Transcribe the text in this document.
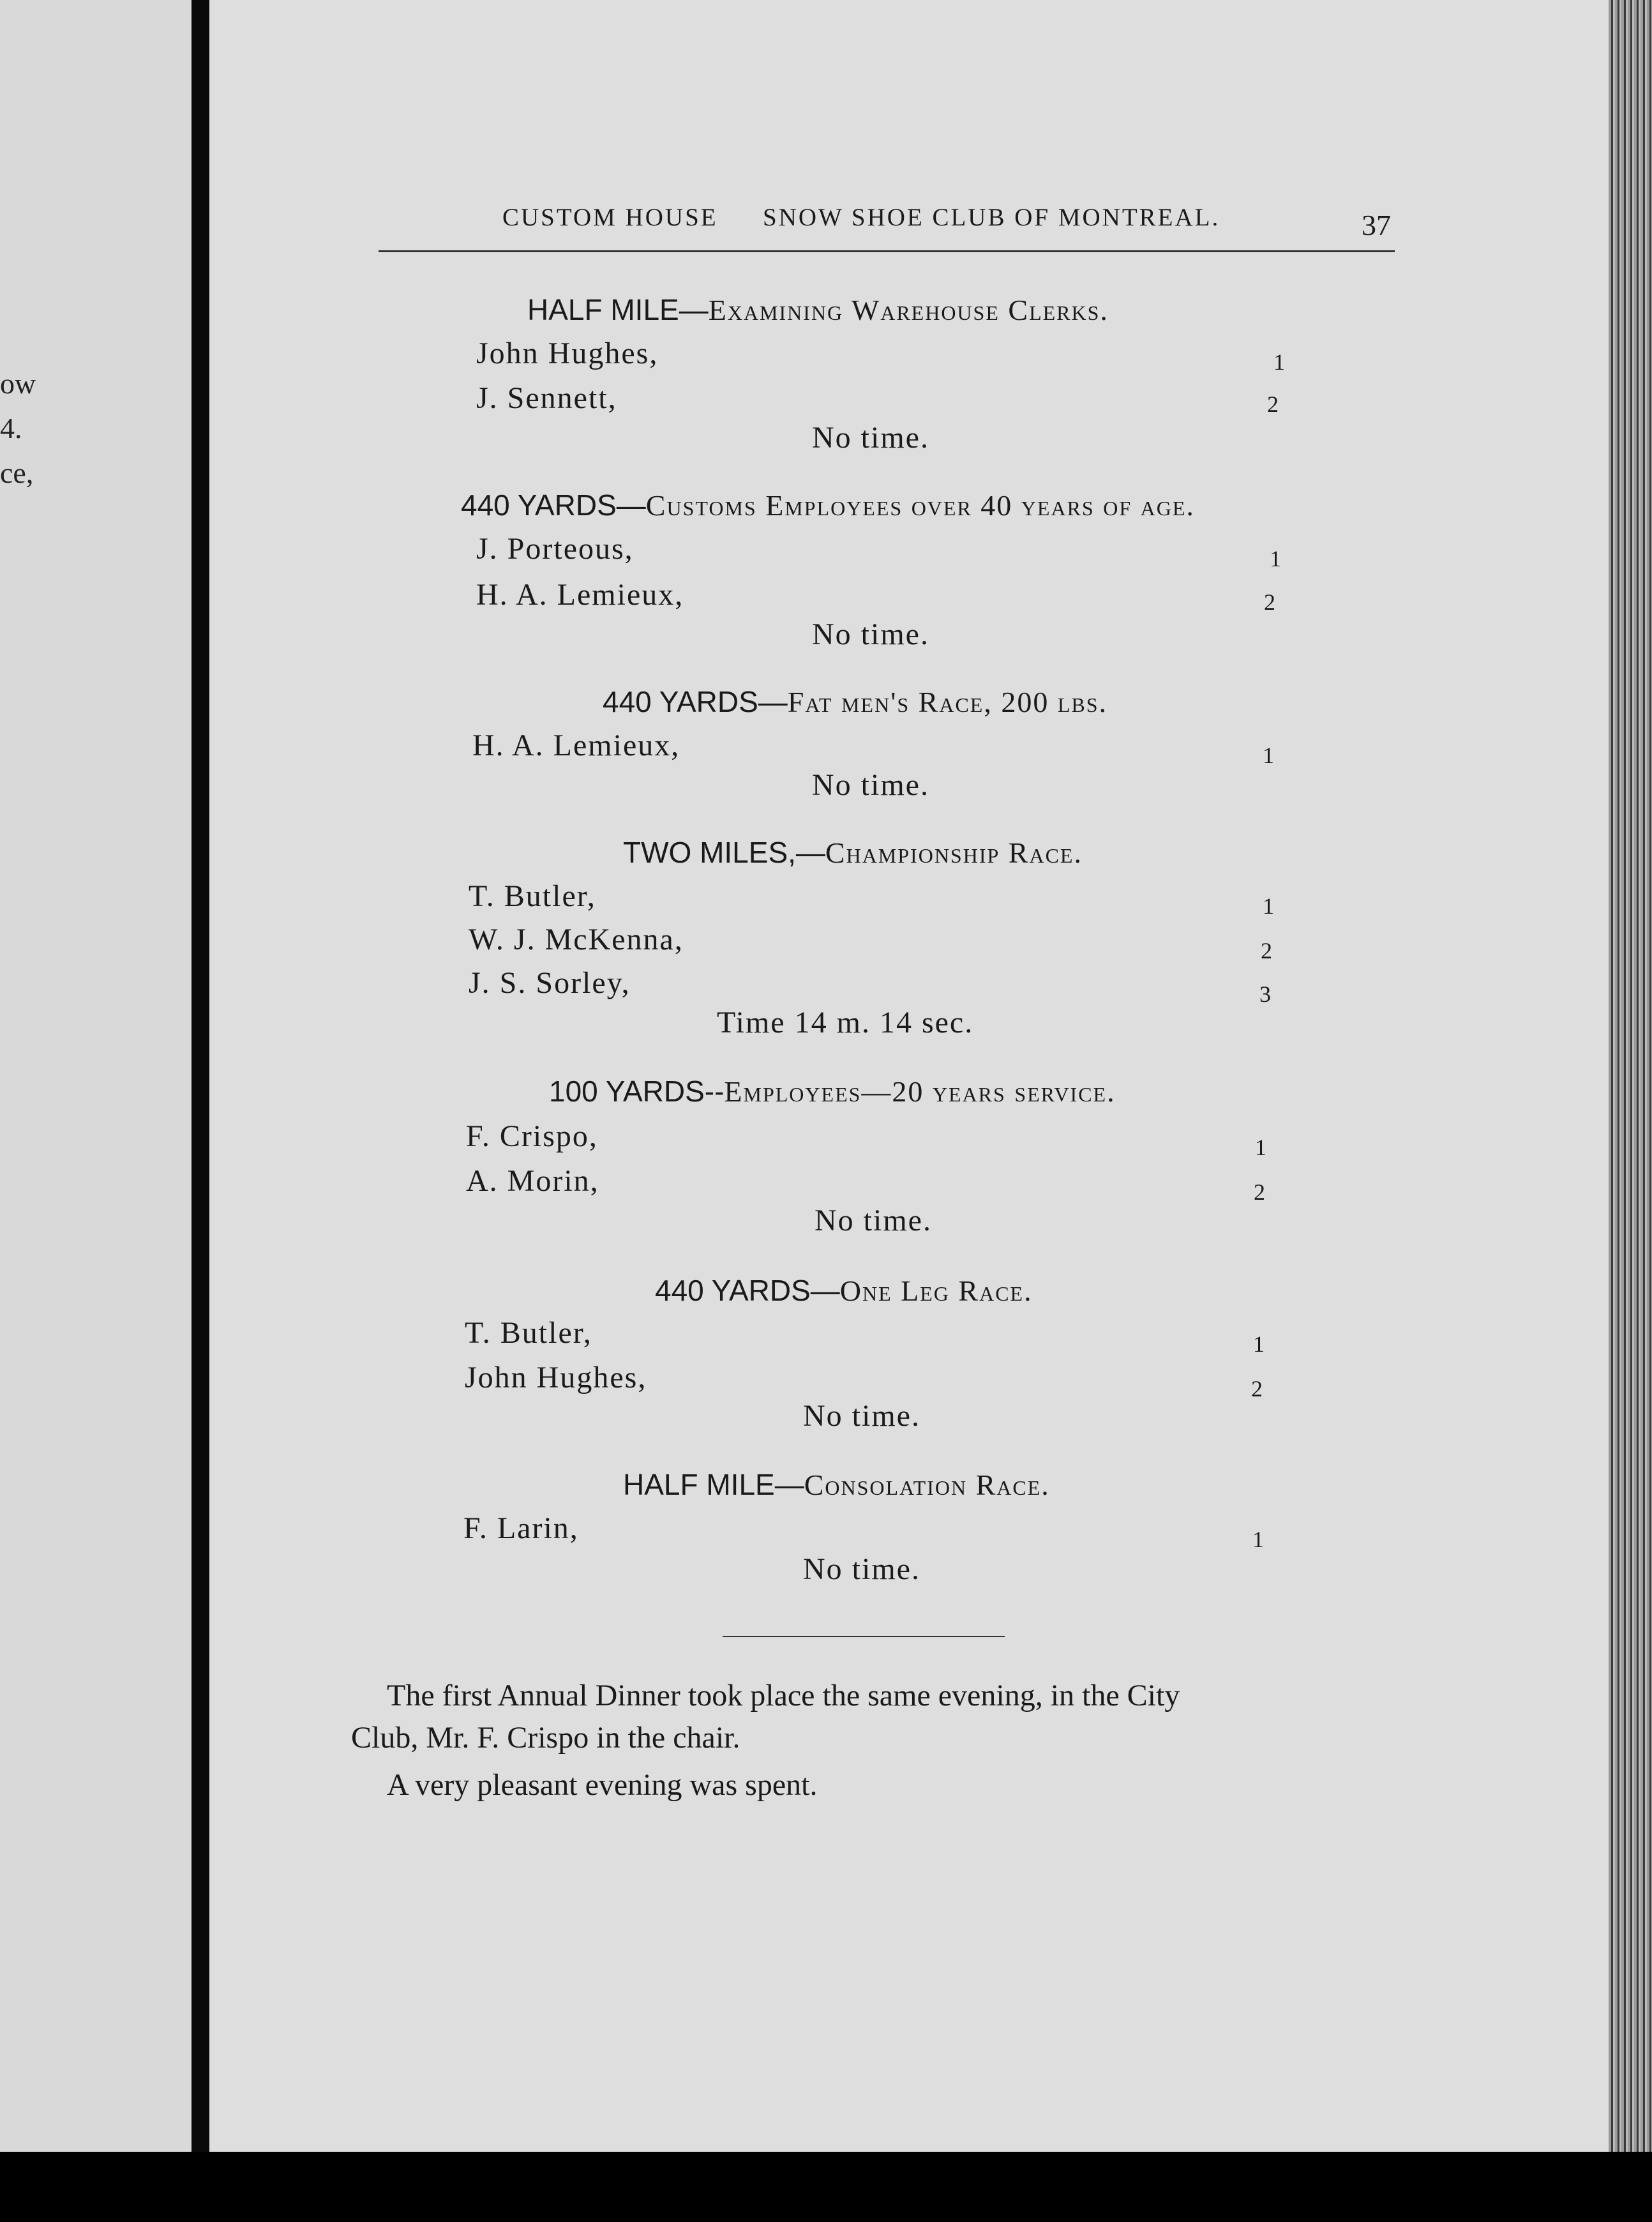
ow
4.
ce,
CUSTOM HOUSE SNOW SHOE CLUB OF MONTREAL.	37
HALF MILE—Examining Warehouse Clerks.
John Hughes,	1
J. Sennett,	2
No time.
440 YARDS—Customs Employees over 40 years of age.
J. Porteous,	1
H. A. Lemieux,	2
No time.
440 YARDS—Fat men's Race, 200 lbs.
H. A. Lemieux,	1
No time.
TWO MILES,—Championship Race.
T. Butler,	1
W. J. McKenna,	2
J. S. Sorley,	3
Time 14 m. 14 sec.
100 YARDS--Employees—20 years service.
F. Crispo,	1
A. Morin,	2
No time.
440 YARDS—One Leg Race.
T. Butler,	1
John Hughes,	2
No time.
HALF MILE—Consolation Race.
F. Larin,	1
No time.
The first Annual Dinner took place the same evening, in the City
Club, Mr. F. Crispo in the chair.
A very pleasant evening was spent.
